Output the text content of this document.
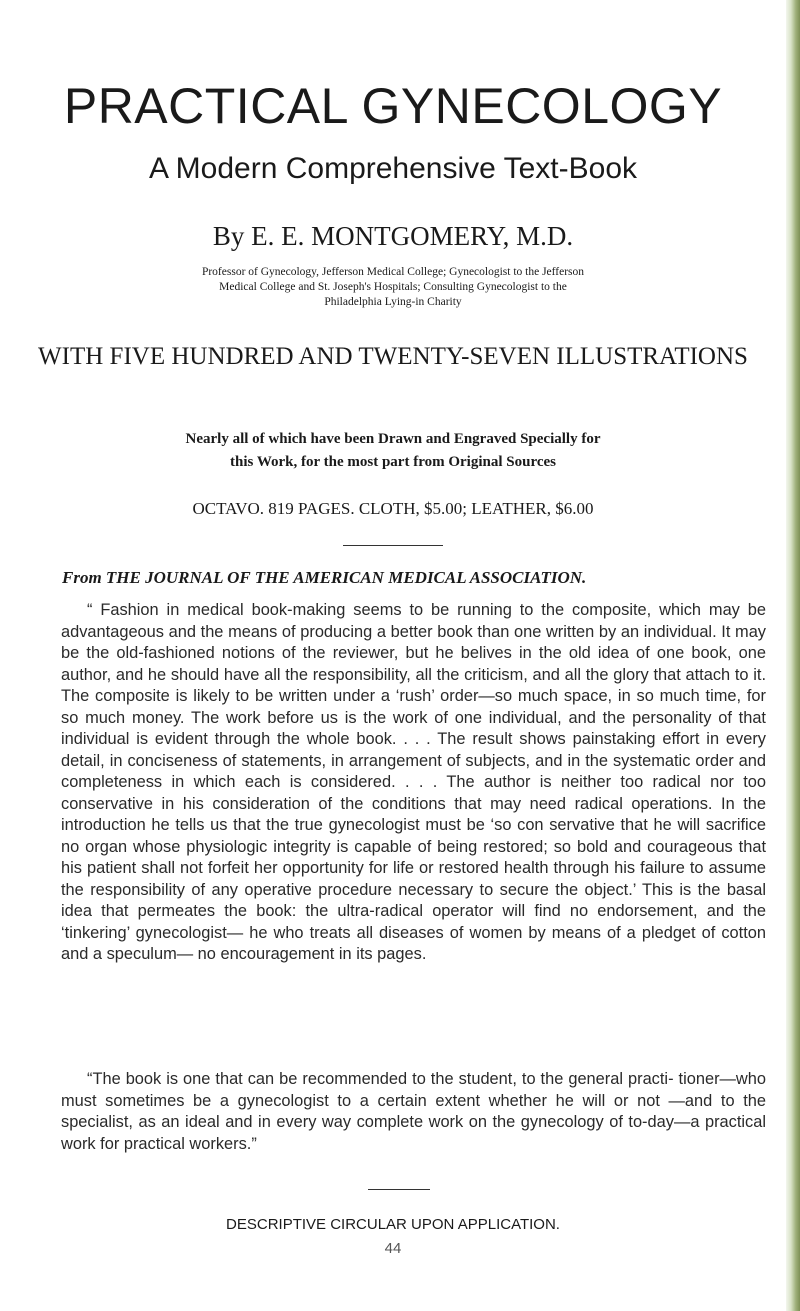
PRACTICAL GYNECOLOGY
A Modern Comprehensive Text-Book
By E. E. MONTGOMERY, M.D.
Professor of Gynecology, Jefferson Medical College; Gynecologist to the Jefferson Medical College and St. Joseph's Hospitals; Consulting Gynecologist to the Philadelphia Lying-in Charity
WITH FIVE HUNDRED AND TWENTY-SEVEN ILLUSTRATIONS
Nearly all of which have been Drawn and Engraved Specially for this Work, for the most part from Original Sources
OCTAVO. 819 PAGES. CLOTH, $5.00; LEATHER, $6.00
From THE JOURNAL OF THE AMERICAN MEDICAL ASSOCIATION.

“ Fashion in medical book-making seems to be running to the composite, which may be advantageous and the means of producing a better book than one written by an individual. It may be the old-fashioned notions of the reviewer, but he belives in the old idea of one book, one author, and he should have all the responsibility, all the criticism, and all the glory that attach to it. The composite is likely to be written under a ‘rush’ order—so much space, in so much time, for so much money. The work before us is the work of one individual, and the personality of that individual is evident through the whole book. . . . The result shows painstaking effort in every detail, in conciseness of statements, in arrangement of subjects, and in the systematic order and completeness in which each is considered. . . . The author is neither too radical nor too conservative in his consideration of the conditions that may need radical operations. In the introduction he tells us that the true gynecologist must be ‘so con servative that he will sacrifice no organ whose physiologic integrity is capable of being restored; so bold and courageous that his patient shall not forfeit her opportunity for life or restored health through his failure to assume the responsibility of any operative procedure necessary to secure the object.’ This is the basal idea that permeates the book: the ultra-radical operator will find no endorsement, and the ‘tinkering’ gynecologist— he who treats all diseases of women by means of a pledget of cotton and a speculum— no encouragement in its pages.

“The book is one that can be recommended to the student, to the general practi- tioner—who must sometimes be a gynecologist to a certain extent whether he will or not —and to the specialist, as an ideal and in every way complete work on the gynecology of to-day—a practical work for practical workers.”

DESCRIPTIVE CIRCULAR UPON APPLICATION.
44
